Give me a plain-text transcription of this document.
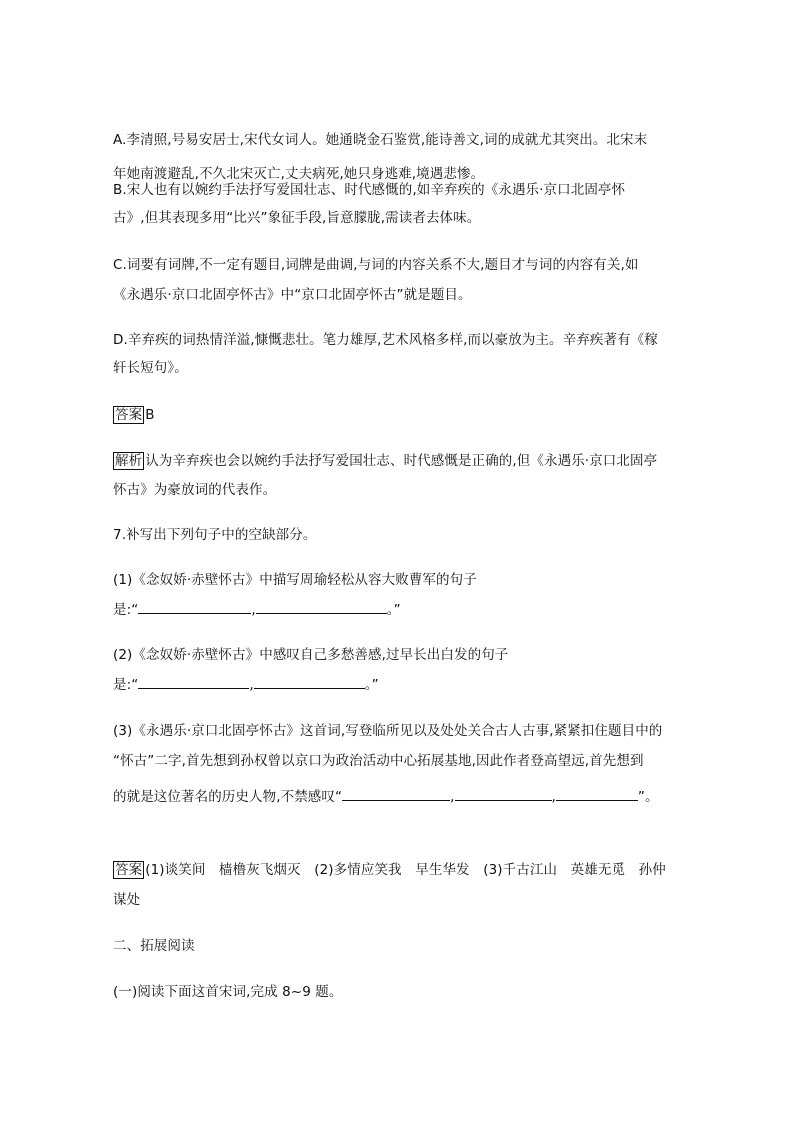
A.李清照,号易安居士,宋代女词人。她通晓金石鉴赏,能诗善文,词的成就尤其突出。北宋末
年她南渡避乱,不久北宋灭亡,丈夫病死,她只身逃难,境遇悲惨。
B.宋人也有以婉约手法抒写爱国壮志、时代感慨的,如辛弃疾的《永遇乐·京口北固亭怀
古》,但其表现多用“比兴”象征手段,旨意朦胧,需读者去体味。
C.词要有词牌,不一定有题目,词牌是曲调,与词的内容关系不大,题目才与词的内容有关,如
《永遇乐·京口北固亭怀古》中“京口北固亭怀古”就是题目。
D.辛弃疾的词热情洋溢,慷慨悲壮。笔力雄厚,艺术风格多样,而以豪放为主。辛弃疾著有《稼
轩长短句》。
答案 B
解析 认为辛弃疾也会以婉约手法抒写爱国壮志、时代感慨是正确的,但《永遇乐·京口北固亭
怀古》为豪放词的代表作。
7.补写出下列句子中的空缺部分。
(1)《念奴娇·赤壁怀古》中描写周瑜轻松从容大败曹军的句子
是:“	,	。”
(2)《念奴娇·赤壁怀古》中感叹自己多愁善感,过早长出白发的句子
是:“	,	。”
(3)《永遇乐·京口北固亭怀古》这首词,写登临所见以及处处关合古人古事,紧紧扣住题目中的
“怀古”二字,首先想到孙权曾以京口为政治活动中心拓展基地,因此作者登高望远,首先想到
的就是这位著名的历史人物,不禁感叹“	,	,	”。
答案 (1)谈笑间　樯橹灰飞烟灭　(2)多情应笑我　早生华发　(3)千古江山　英雄无觅　孙仲
谋处
二、拓展阅读
(一)阅读下面这首宋词,完成 8~9 题。
